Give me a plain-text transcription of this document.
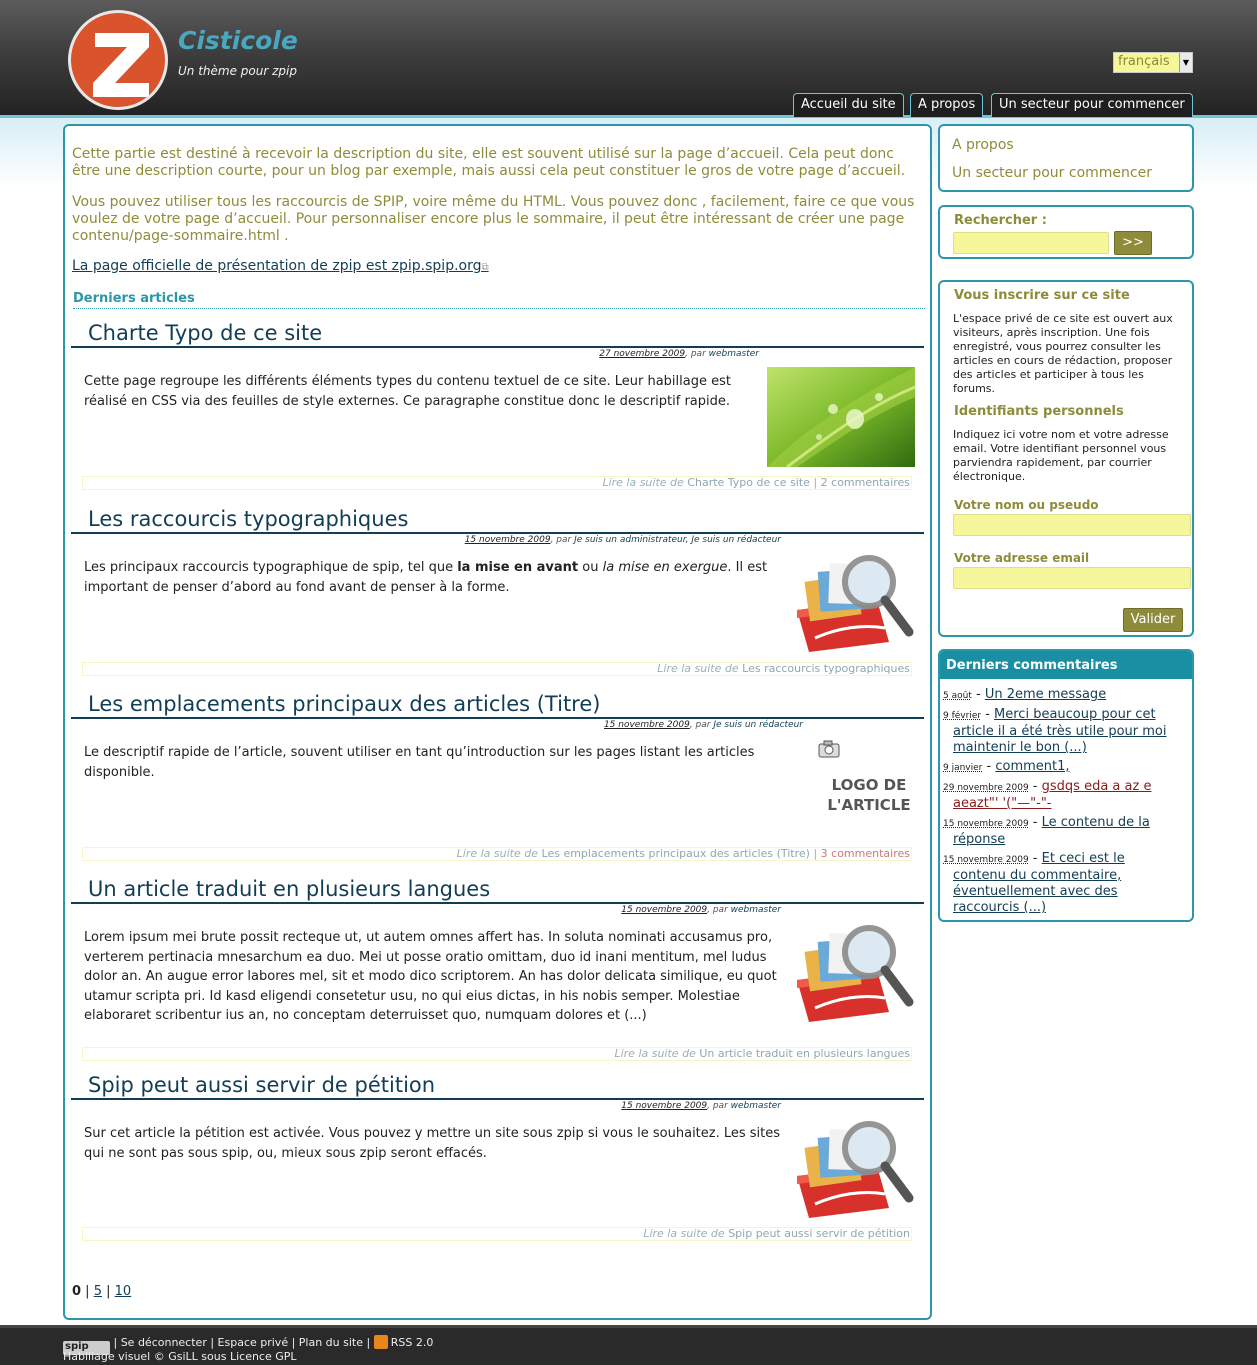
Cisticole
Un thème pour zpip
français	▼
Accueil du site	A propos	Un secteur pour commencer

Cette partie est destiné à recevoir la description du site, elle est souvent utilisé sur la page d’accueil. Cela peut donc être une description courte, pour un blog par exemple, mais aussi cela peut constituer le gros de votre page d’accueil.

Vous pouvez utiliser tous les raccourcis de SPIP, voire même du HTML. Vous pouvez donc , facilement, faire ce que vous voulez de votre page d’accueil. Pour personnaliser encore plus le sommaire, il peut être intéressant de créer une page contenu/page-sommaire.html .

La page officielle de présentation de zpip est zpip.spip.org⧉
Derniers articles
Charte Typo de ce site
27 novembre 2009, par webmaster
Cette page regroupe les différents éléments types du contenu textuel de ce site. Leur habillage est réalisé en CSS via des feuilles de style externes. Ce paragraphe constitue donc le descriptif rapide.
Lire la suite de Charte Typo de ce site | 2 commentaires
Les raccourcis typographiques
15 novembre 2009, par Je suis un administrateur, Je suis un rédacteur
Les principaux raccourcis typographique de spip, tel que la mise en avant ou la mise en exergue. Il est important de penser d’abord au fond avant de penser à la forme.
Lire la suite de Les raccourcis typographiques
Les emplacements principaux des articles (Titre)
15 novembre 2009, par Je suis un rédacteur
Le descriptif rapide de l’article, souvent utiliser en tant qu’introduction sur les pages listant les articles disponible.
LOGO DE
L'ARTICLE
Lire la suite de Les emplacements principaux des articles (Titre) | 3 commentaires
Un article traduit en plusieurs langues
15 novembre 2009, par webmaster
Lorem ipsum mei brute possit recteque ut, ut autem omnes affert has. In soluta nominati accusamus pro, verterem pertinacia mnesarchum ea duo. Mei ut posse oratio omittam, duo id inani mentitum, mel ludus dolor an. An augue error labores mel, sit et modo dico scriptorem. An has dolor delicata similique, eu quot utamur scripta pri. Id kasd eligendi consetetur usu, no qui eius dictas, in his nobis semper. Molestiae elaboraret scribentur ius an, no conceptam deterruisset quo, numquam dolores et (...)
Lire la suite de Un article traduit en plusieurs langues
Spip peut aussi servir de pétition
15 novembre 2009, par webmaster
Sur cet article la pétition est activée. Vous pouvez y mettre un site sous zpip si vous le souhaitez. Les sites qui ne sont pas sous spip, ou, mieux sous zpip seront effacés.
Lire la suite de Spip peut aussi servir de pétition
0 | 5 | 10
A propos
Un secteur pour commencer
Rechercher :
>>
Vous inscrire sur ce site
L'espace privé de ce site est ouvert aux visiteurs, après inscription. Une fois enregistré, vous pourrez consulter les articles en cours de rédaction, proposer des articles et participer à tous les forums.
Identifiants personnels
Indiquez ici votre nom et votre adresse email. Votre identifiant personnel vous parviendra rapidement, par courrier électronique.
Votre nom ou pseudo
Votre adresse email
Valider
Derniers commentaires
5 août - Un 2eme message
9 février - Merci beaucoup pour cet
article il a été très utile pour moi maintenir le bon (...)
9 janvier - comment1,
29 novembre 2009 - gsdqs eda a az e
aeazt"' '("—"-"-
15 novembre 2009 - Le contenu de la
réponse
15 novembre 2009 - Et ceci est le
contenu du commentaire, éventuellement avec des raccourcis (...)
spip | Se déconnecter | Espace privé | Plan du site | RSS 2.0
Habillage visuel © GsiLL sous Licence GPL
